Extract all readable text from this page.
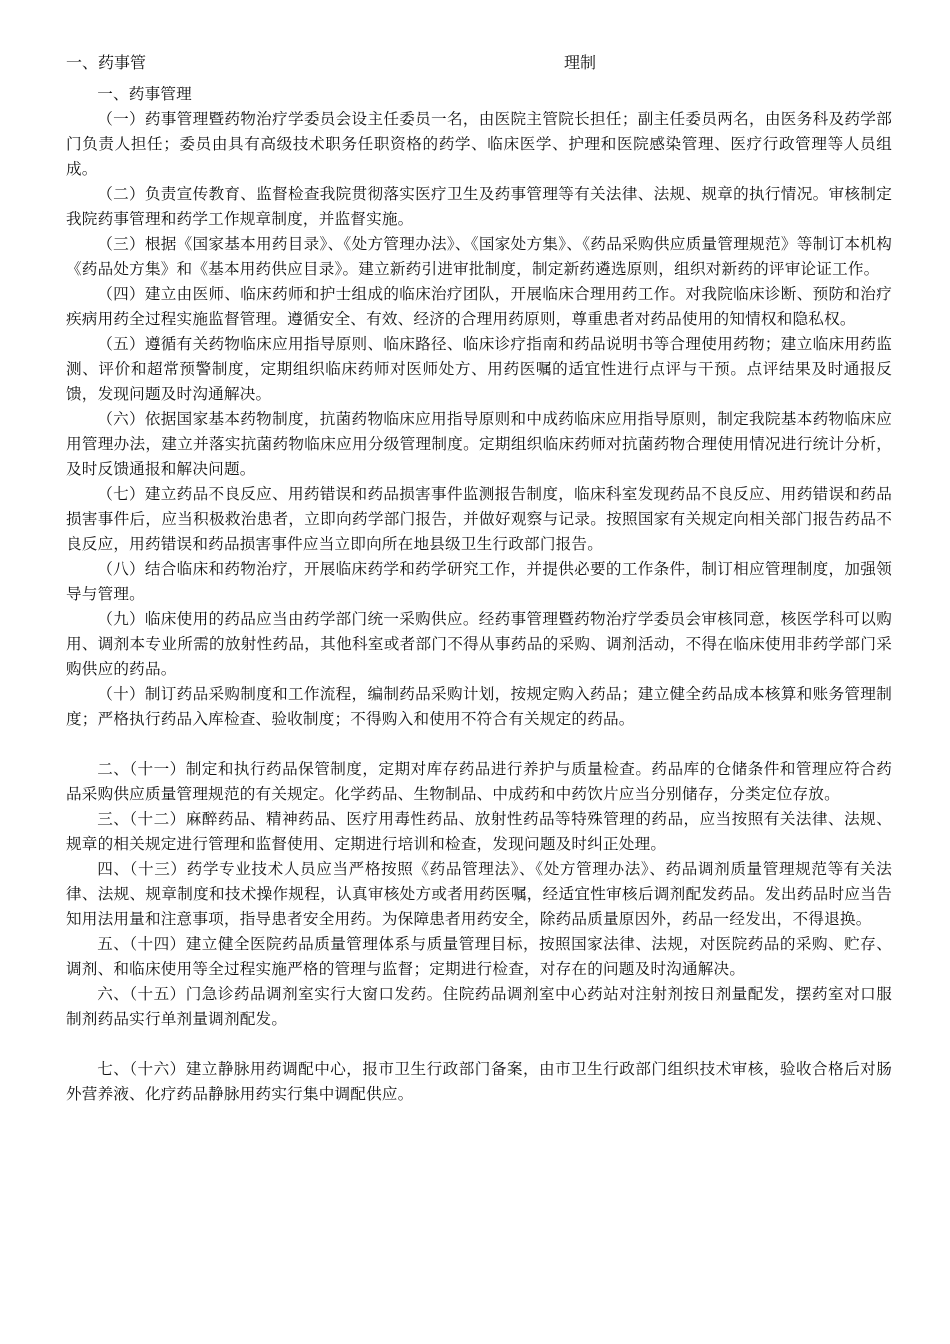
一、药事管	理制

一、药事管理

（一）药事管理暨药物治疗学委员会设主任委员一名，由医院主管院长担任；副主任委员两名，由医务科及药学部门负责人担任；委员由具有高级技术职务任职资格的药学、临床医学、护理和医院感染管理、医疗行政管理等人员组成。

（二）负责宣传教育、监督检查我院贯彻落实医疗卫生及药事管理等有关法律、法规、规章的执行情况。审核制定我院药事管理和药学工作规章制度，并监督实施。

（三）根据《国家基本用药目录》、《处方管理办法》、《国家处方集》、《药品采购供应质量管理规范》等制订本机构《药品处方集》和《基本用药供应目录》。建立新药引进审批制度，制定新药遴选原则，组织对新药的评审论证工作。

（四）建立由医师、临床药师和护士组成的临床治疗团队，开展临床合理用药工作。对我院临床诊断、预防和治疗疾病用药全过程实施监督管理。遵循安全、有效、经济的合理用药原则，尊重患者对药品使用的知情权和隐私权。

（五）遵循有关药物临床应用指导原则、临床路径、临床诊疗指南和药品说明书等合理使用药物；建立临床用药监测、评价和超常预警制度，定期组织临床药师对医师处方、用药医嘱的适宜性进行点评与干预。点评结果及时通报反馈，发现问题及时沟通解决。

（六）依据国家基本药物制度，抗菌药物临床应用指导原则和中成药临床应用指导原则，制定我院基本药物临床应用管理办法，建立并落实抗菌药物临床应用分级管理制度。定期组织临床药师对抗菌药物合理使用情况进行统计分析，及时反馈通报和解决问题。

（七）建立药品不良反应、用药错误和药品损害事件监测报告制度，临床科室发现药品不良反应、用药错误和药品损害事件后，应当积极救治患者，立即向药学部门报告，并做好观察与记录。按照国家有关规定向相关部门报告药品不良反应，用药错误和药品损害事件应当立即向所在地县级卫生行政部门报告。

（八）结合临床和药物治疗，开展临床药学和药学研究工作，并提供必要的工作条件，制订相应管理制度，加强领导与管理。

（九）临床使用的药品应当由药学部门统一采购供应。经药事管理暨药物治疗学委员会审核同意，核医学科可以购用、调剂本专业所需的放射性药品，其他科室或者部门不得从事药品的采购、调剂活动，不得在临床使用非药学部门采购供应的药品。

（十）制订药品采购制度和工作流程，编制药品采购计划，按规定购入药品；建立健全药品成本核算和账务管理制度；严格执行药品入库检查、验收制度；不得购入和使用不符合有关规定的药品。

二、（十一）制定和执行药品保管制度，定期对库存药品进行养护与质量检查。药品库的仓储条件和管理应符合药品采购供应质量管理规范的有关规定。化学药品、生物制品、中成药和中药饮片应当分别储存，分类定位存放。

三、（十二）麻醉药品、精神药品、医疗用毒性药品、放射性药品等特殊管理的药品，应当按照有关法律、法规、规章的相关规定进行管理和监督使用、定期进行培训和检查，发现问题及时纠正处理。

四、（十三）药学专业技术人员应当严格按照《药品管理法》、《处方管理办法》、药品调剂质量管理规范等有关法律、法规、规章制度和技术操作规程，认真审核处方或者用药医嘱，经适宜性审核后调剂配发药品。发出药品时应当告知用法用量和注意事项，指导患者安全用药。为保障患者用药安全，除药品质量原因外，药品一经发出，不得退换。

五、（十四）建立健全医院药品质量管理体系与质量管理目标，按照国家法律、法规，对医院药品的采购、贮存、调剂、和临床使用等全过程实施严格的管理与监督；定期进行检查，对存在的问题及时沟通解决。

六、（十五）门急诊药品调剂室实行大窗口发药。住院药品调剂室中心药站对注射剂按日剂量配发，摆药室对口服制剂药品实行单剂量调剂配发。

七、（十六）建立静脉用药调配中心，报市卫生行政部门备案，由市卫生行政部门组织技术审核，验收合格后对肠外营养液、化疗药品静脉用药实行集中调配供应。
